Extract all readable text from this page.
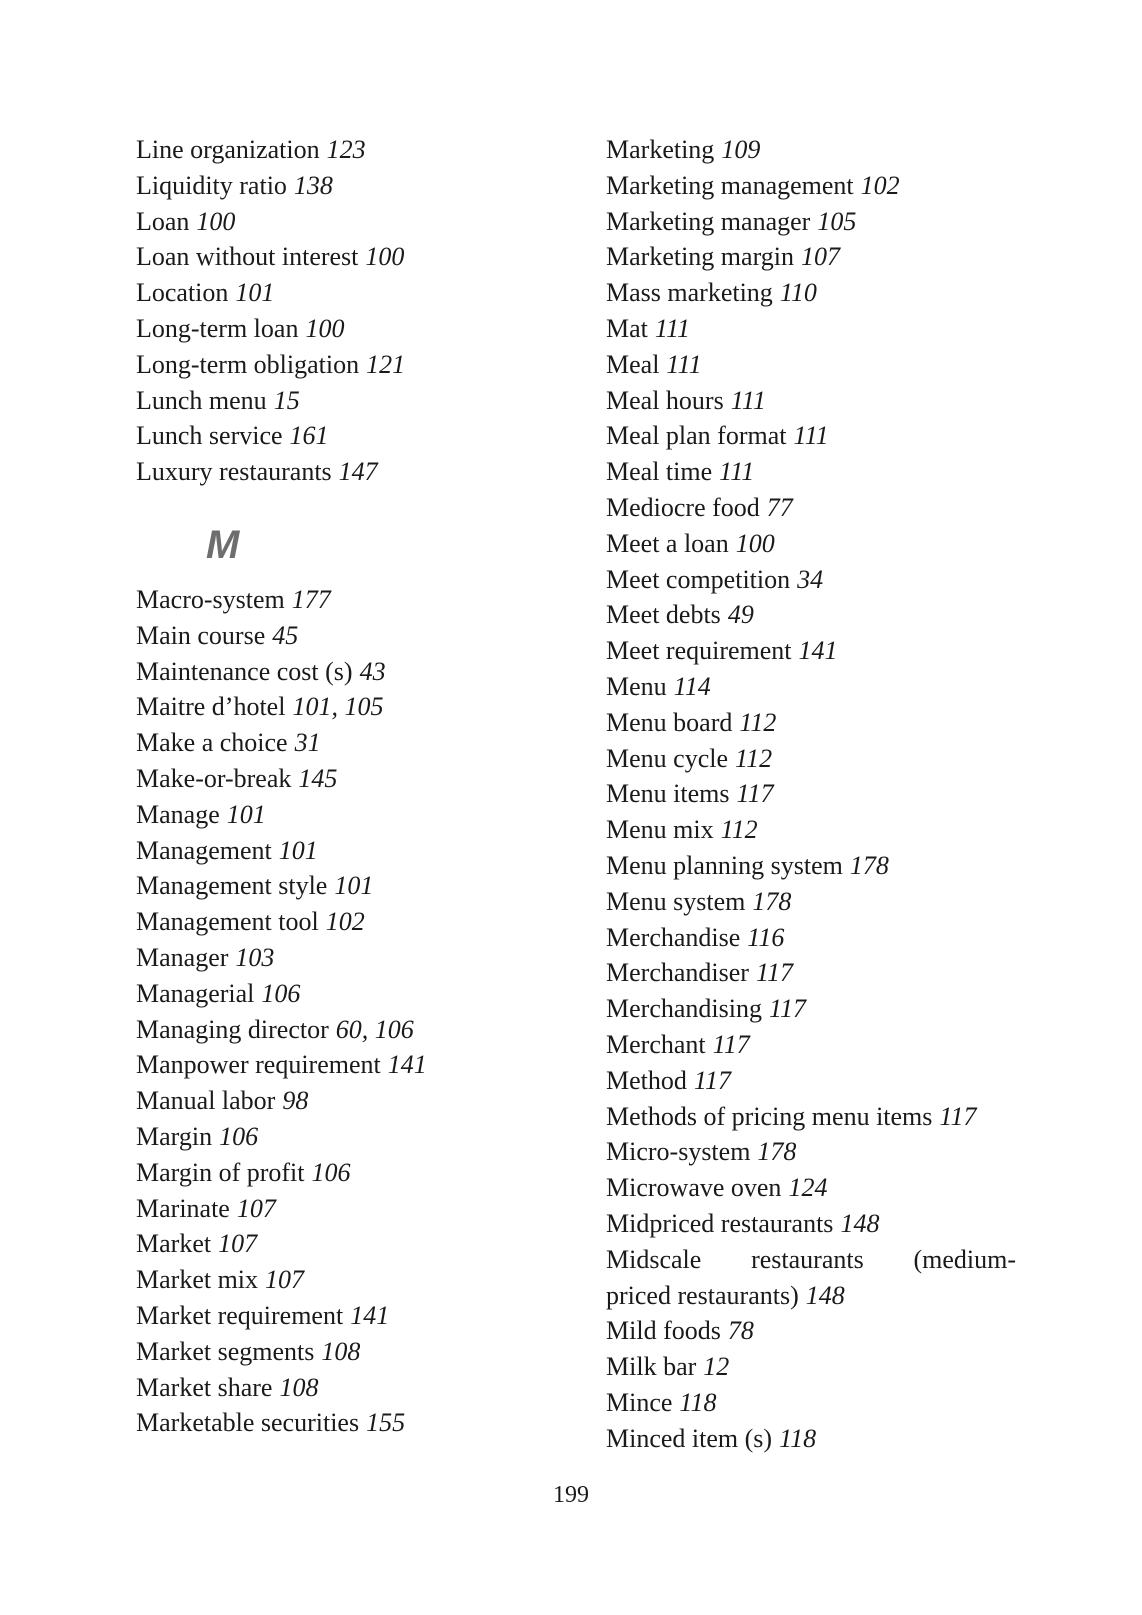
Line organization 123
Liquidity ratio 138
Loan 100
Loan without interest 100
Location 101
Long-term loan 100
Long-term obligation 121
Lunch menu 15
Lunch service 161
Luxury restaurants 147
M
Macro-system 177
Main course 45
Maintenance cost (s) 43
Maitre d’hotel 101, 105
Make a choice 31
Make-or-break 145
Manage 101
Management 101
Management style 101
Management tool 102
Manager 103
Managerial 106
Managing director 60, 106
Manpower requirement 141
Manual labor 98
Margin 106
Margin of profit 106
Marinate 107
Market 107
Market mix 107
Market requirement 141
Market segments 108
Market share 108
Marketable securities 155
Marketing 109
Marketing management 102
Marketing manager 105
Marketing margin 107
Mass marketing 110
Mat 111
Meal 111
Meal hours 111
Meal plan format 111
Meal time 111
Mediocre food 77
Meet a loan 100
Meet competition 34
Meet debts 49
Meet requirement 141
Menu 114
Menu board 112
Menu cycle 112
Menu items 117
Menu mix 112
Menu planning system 178
Menu system 178
Merchandise 116
Merchandiser 117
Merchandising 117
Merchant 117
Method 117
Methods of pricing menu items 117
Micro-system 178
Microwave oven 124
Midpriced restaurants 148
Midscale restaurants (medium-
priced restaurants) 148
Mild foods 78
Milk bar 12
Mince 118
Minced item (s) 118
199
